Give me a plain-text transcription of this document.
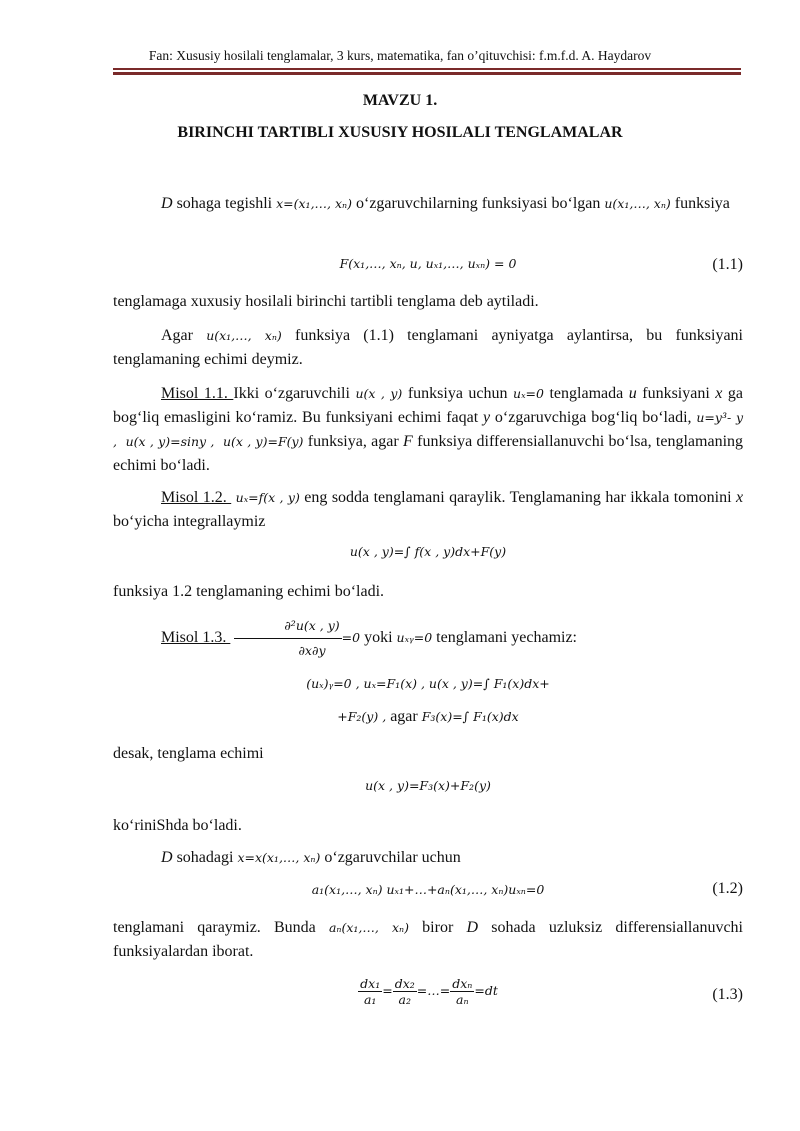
Fan: Xususiy hosilali tenglamalar, 3 kurs, matematika, fan o’qituvchisi: f.m.f.d. A. Haydarov
MAVZU 1.
BIRINCHI TARTIBLI XUSUSIY HOSILALI TENGLAMALAR
D sohaga tegishli x=(x₁,…, xₙ) o‘zgaruvchilarning funksiyasi bo‘lgan u(x₁,…, xₙ) funksiya
F(x₁,…, xₙ, u, uₓ₁,…, uₓₙ) = 0	(1.1)
tenglamaga xuxusiy hosilali birinchi tartibli tenglama deb aytiladi.
Agar u(x₁,…, xₙ) funksiya (1.1) tenglamani ayniyatga aylantirsa, bu funksiyani tenglamaning echimi deymiz.
Misol 1.1. Ikki o‘zgaruvchili u(x , y) funksiya uchun uₓ=0 tenglamada u funksiyani x ga bog‘liq emasligini ko‘ramiz. Bu funksiyani echimi faqat y o‘zgaruvchiga bog‘liq bo‘ladi, u=y³- y , u(x , y)=siny , u(x , y)=F(y) funksiya, agar F funksiya differensiallanuvchi bo‘lsa, tenglamaning echimi bo‘ladi.
Misol 1.2.  uₓ=f(x , y) eng sodda tenglamani qaraylik. Tenglamaning har ikkala tomonini x bo‘yicha integrallaymiz
u(x , y)=∫ f(x , y)dx+F(y)
funksiya 1.2 tenglamaning echimi bo‘ladi.
Misol 1.3. $\frac{\text{∂²u(x , y)}}{\partial x\partial y} =0$ yoki uₓᵧ=0 tenglamani yechamiz:
(uₓ)ᵧ=0 , uₓ=F₁(x) , u(x , y)=∫ F₁(x)dx+
+F₂(y) , agar F₃(x)=∫ F₁(x)dx
desak, tenglama echimi
u(x , y)=F₃(x)+F₂(y)
ko‘riniShda bo‘ladi.
D sohadagi x=x(x₁,…, xₙ) o‘zgaruvchilar uchun
a₁(x₁,…, xₙ) uₓ₁+…+aₙ(x₁,…, xₙ)uₓₙ=0	(1.2)
tenglamani qaraymiz. Bunda aₙ(x₁,…, xₙ) biror D sohada uzluksiz differensiallanuvchi funksiyalardan iborat.
$\frac{\text{dx₁}}{\text{a₁}} = \frac{\text{dx₂}}{\text{a₂}}$ =…= $\frac{\text{dxₙ}}{\text{aₙ}} =dt$	(1.3)
